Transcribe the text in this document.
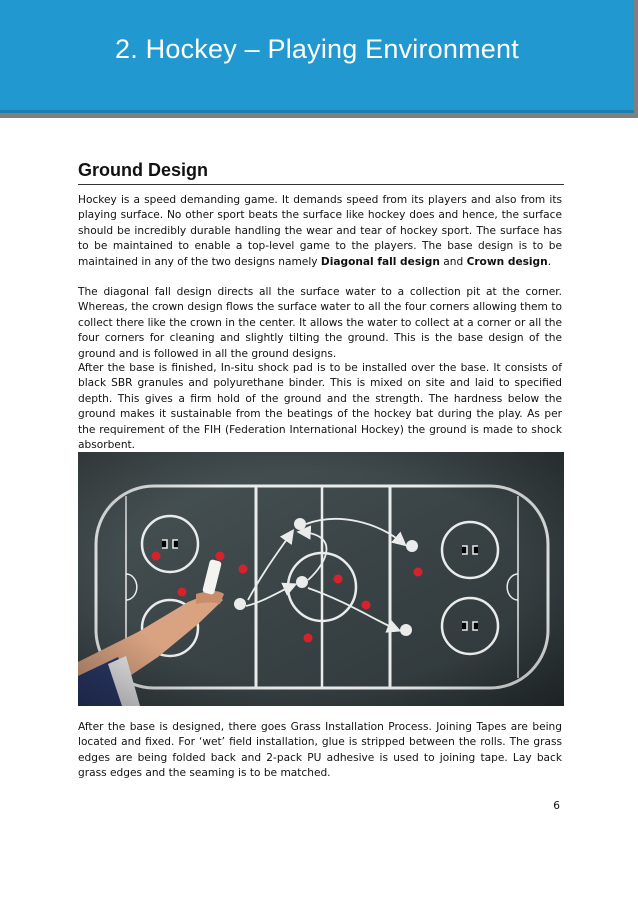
2. Hockey – Playing Environment
Ground Design

Hockey is a speed demanding game. It demands speed from its players and also from its playing surface. No other sport beats the surface like hockey does and hence, the surface should be incredibly durable handling the wear and tear of hockey sport. The surface has to be maintained to enable a top-level game to the players. The base design is to be maintained in any of the two designs namely Diagonal fall design and Crown design.

The diagonal fall design directs all the surface water to a collection pit at the corner. Whereas, the crown design flows the surface water to all the four corners allowing them to collect there like the crown in the center. It allows the water to collect at a corner or all the four corners for cleaning and slightly tilting the ground. This is the base design of the ground and is followed in all the ground designs.

After the base is finished, In-situ shock pad is to be installed over the base. It consists of black SBR granules and polyurethane binder. This is mixed on site and laid to specified depth. This gives a firm hold of the ground and the strength. The hardness below the ground makes it sustainable from the beatings of the hockey bat during the play. As per the requirement of the FIH (Federation International Hockey) the ground is made to shock absorbent.

After the base is designed, there goes Grass Installation Process. Joining Tapes are being located and fixed. For ‘wet’ field installation, glue is stripped between the rolls. The grass edges are being folded back and 2-pack PU adhesive is used to joining tape. Lay back grass edges and the seaming is to be matched.

6
